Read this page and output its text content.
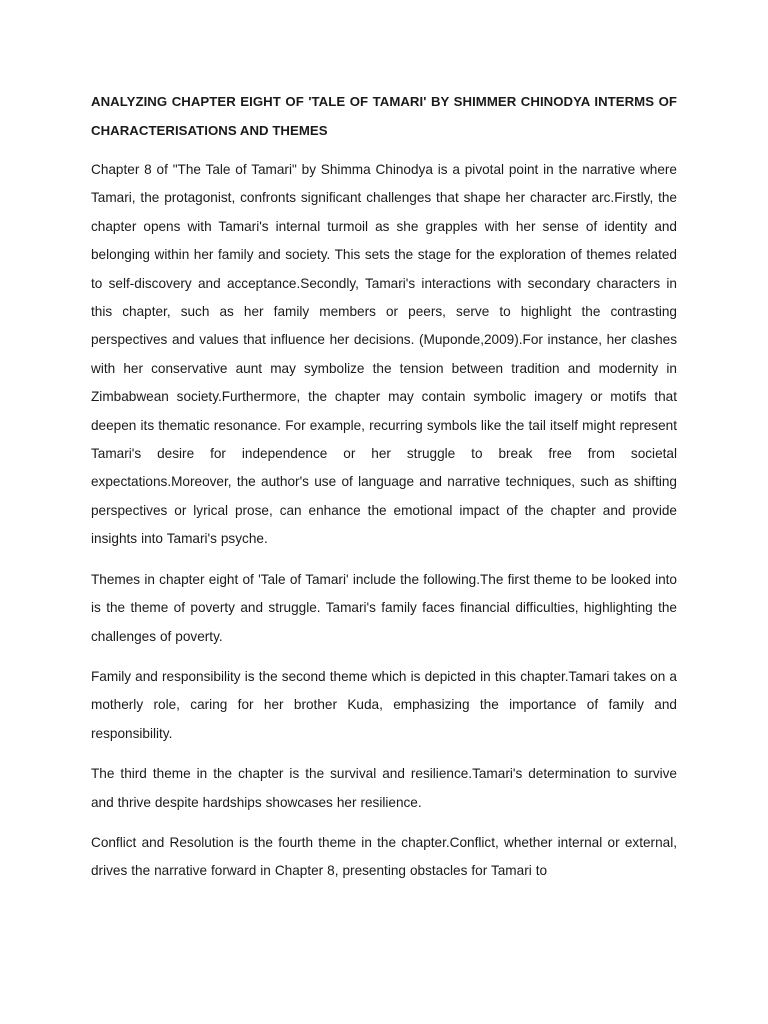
ANALYZING CHAPTER EIGHT OF 'TALE OF TAMARI' BY SHIMMER CHINODYA INTERMS OF CHARACTERISATIONS AND THEMES

Chapter 8 of "The Tale of Tamari" by Shimma Chinodya is a pivotal point in the narrative where Tamari, the protagonist, confronts significant challenges that shape her character arc.Firstly, the chapter opens with Tamari's internal turmoil as she grapples with her sense of identity and belonging within her family and society. This sets the stage for the exploration of themes related to self-discovery and acceptance.Secondly, Tamari's interactions with secondary characters in this chapter, such as her family members or peers, serve to highlight the contrasting perspectives and values that influence her decisions. (Muponde,2009).For instance, her clashes with her conservative aunt may symbolize the tension between tradition and modernity in Zimbabwean society.Furthermore, the chapter may contain symbolic imagery or motifs that deepen its thematic resonance. For example, recurring symbols like the tail itself might represent Tamari's desire for independence or her struggle to break free from societal expectations.Moreover, the author's use of language and narrative techniques, such as shifting perspectives or lyrical prose, can enhance the emotional impact of the chapter and provide insights into Tamari's psyche.

Themes in chapter eight of 'Tale of Tamari' include the following.The first theme to be looked into is the theme of poverty and struggle. Tamari's family faces financial difficulties, highlighting the challenges of poverty.

Family and responsibility is the second theme which is depicted in this chapter.Tamari takes on a motherly role, caring for her brother Kuda, emphasizing the importance of family and responsibility.

The third theme in the chapter is the survival and resilience.Tamari's determination to survive and thrive despite hardships showcases her resilience.

Conflict and Resolution is the fourth theme in the chapter.Conflict, whether internal or external, drives the narrative forward in Chapter 8, presenting obstacles for Tamari to
